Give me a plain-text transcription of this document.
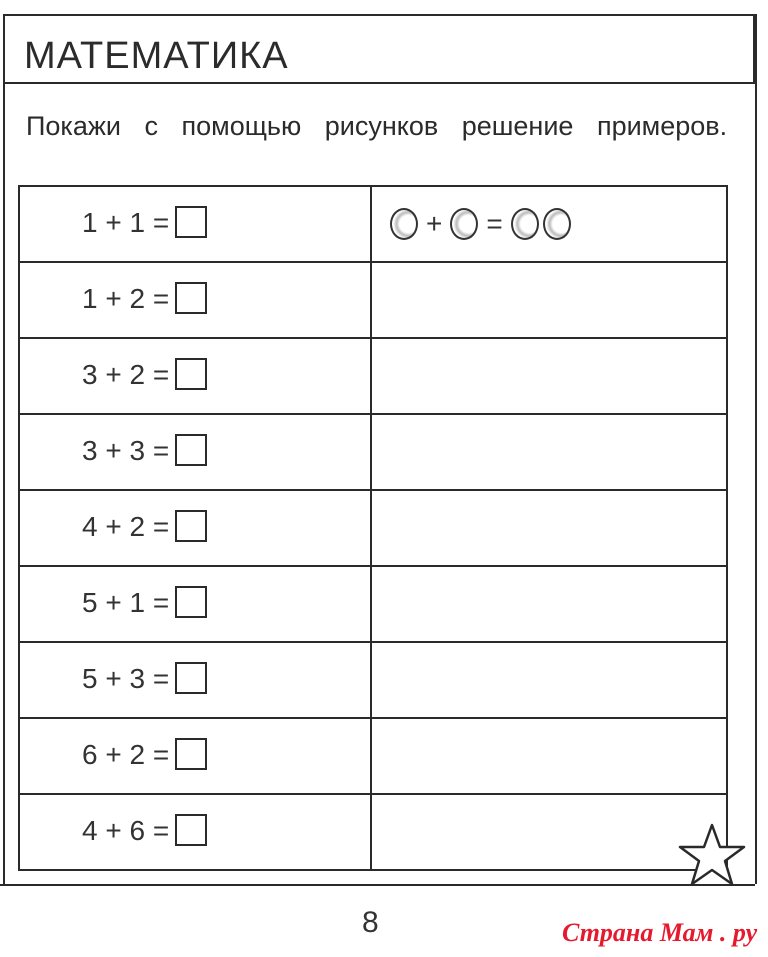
МАТЕМАТИКА
Покажи с помощью рисунков решение примеров.
1 + 1 =	+ =

1 + 2 =	
3 + 2 =	
3 + 3 =	
4 + 2 =	
5 + 1 =	
5 + 3 =	
6 + 2 =	
4 + 6 =	
8	Страна Мам . ру
